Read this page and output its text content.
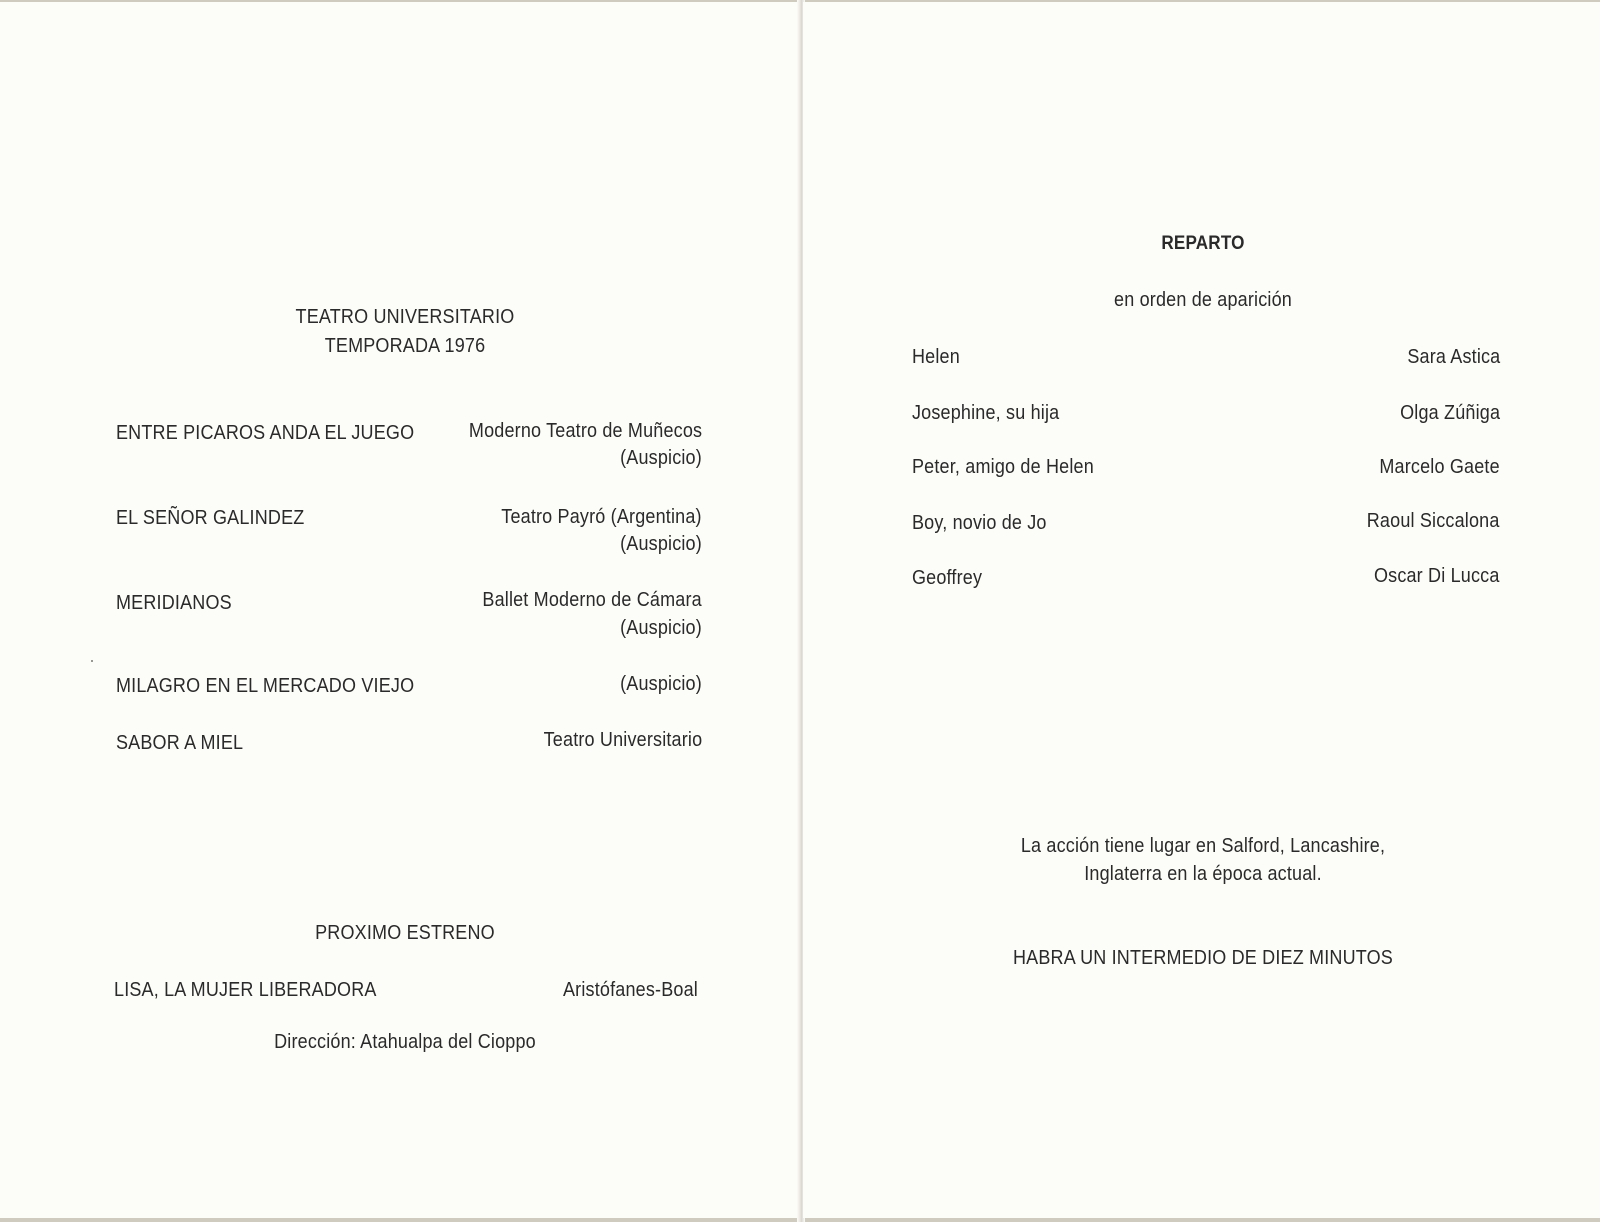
TEATRO UNIVERSITARIO
TEMPORADA 1976
ENTRE PICAROS ANDA EL JUEGO	Moderno Teatro de Muñecos
(Auspicio)
EL SEÑOR GALINDEZ	Teatro Payró (Argentina)
(Auspicio)
MERIDIANOS	Ballet Moderno de Cámara
(Auspicio)
MILAGRO EN EL MERCADO VIEJO	(Auspicio)
SABOR A MIEL	Teatro Universitario
PROXIMO ESTRENO
LISA, LA MUJER LIBERADORA	Aristófanes-Boal
Dirección: Atahualpa del Cioppo
REPARTO
en orden de aparición
Helen	Sara Astica
Josephine, su hija	Olga Zúñiga
Peter, amigo de Helen	Marcelo Gaete
Boy, novio de Jo	Raoul Siccalona
Geoffrey	Oscar Di Lucca
La acción tiene lugar en Salford, Lancashire,
Inglaterra en la época actual.
HABRA UN INTERMEDIO DE DIEZ MINUTOS
